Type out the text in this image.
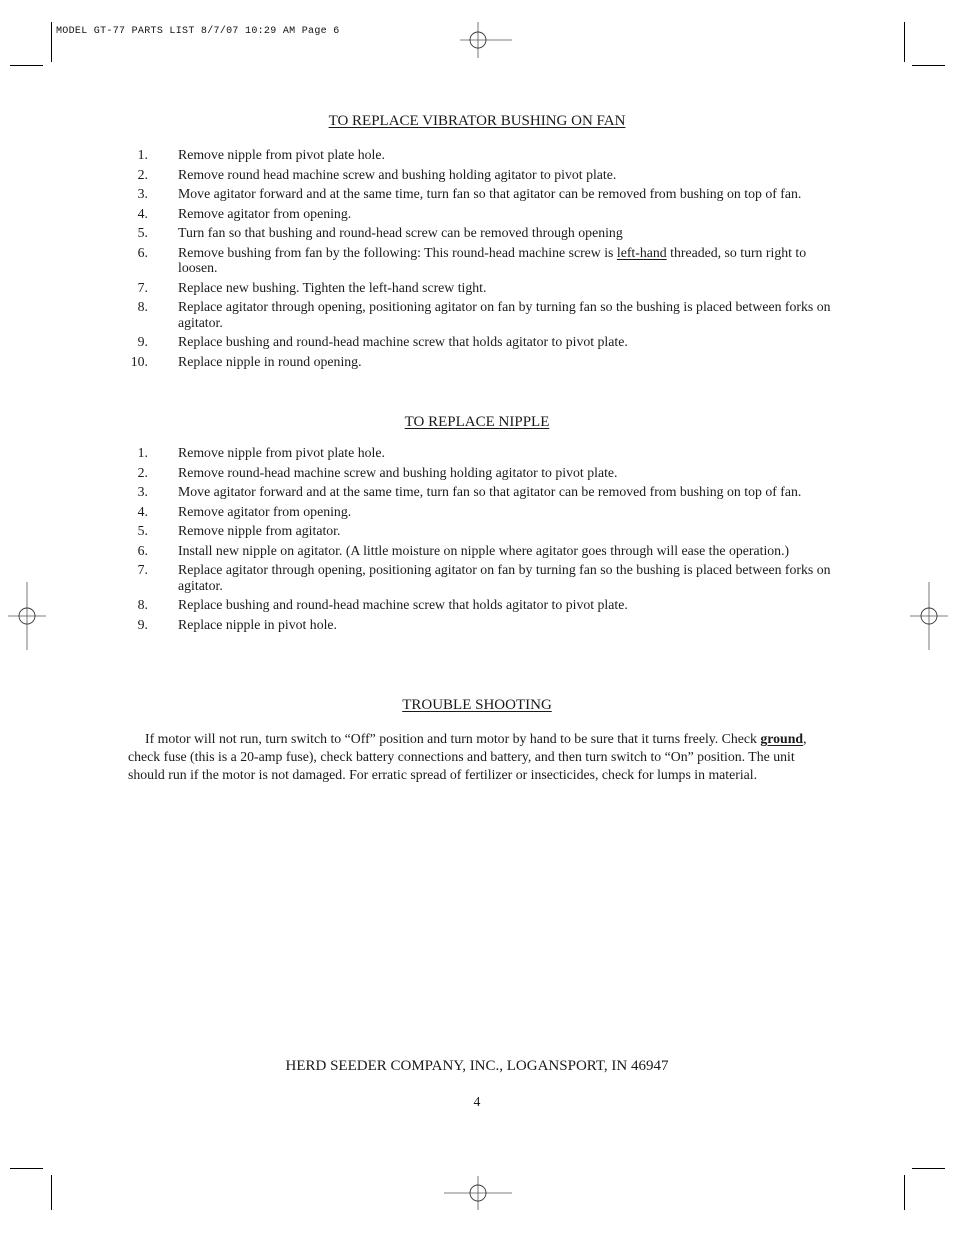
MODEL GT-77 PARTS LIST 8/7/07 10:29 AM Page 6
TO REPLACE VIBRATOR BUSHING ON FAN
1 . Remove nipple from pivot plate hole.
2 . Remove round head machine screw and bushing holding agitator to pivot plate.
3 . Move agitator forward and at the same time, turn fan so that agitator can be removed from bushing on top of fan.
4 . Remove agitator from opening.
5 . Turn fan so that bushing and round-head screw can be removed through opening
6 . Remove bushing from fan by the following: This round-head machine screw is left-hand threaded, so turn right to loosen.
7 . Replace new bushing. Tighten the left-hand screw tight.
8 . Replace agitator through opening, positioning agitator on fan by turning fan so the bushing is placed between forks on agitator.
9 . Replace bushing and round-head machine screw that holds agitator to pivot plate.
10 . Replace nipple in round opening.
TO REPLACE NIPPLE
1 . Remove nipple from pivot plate hole.
2 . Remove round-head machine screw and bushing holding agitator to pivot plate.
3 . Move agitator forward and at the same time, turn fan so that agitator can be removed from bushing on top of fan.
4 . Remove agitator from opening.
5 . Remove nipple from agitator.
6 . Install new nipple on agitator. (A little moisture on nipple where agitator goes through will ease the operation.)
7 . Replace agitator through opening, positioning agitator on fan by turning fan so the bushing is placed between forks on agitator.
8 . Replace bushing and round-head machine screw that holds agitator to pivot plate.
9 . Replace nipple in pivot hole.
TROUBLE SHOOTING

If motor will not run, turn switch to “Off” position and turn motor by hand to be sure that it turns freely. Check ground, check fuse (this is a 20-amp fuse), check battery connections and battery, and then turn switch to “On” position. The unit should run if the motor is not damaged. For erratic spread of fertilizer or insecticides, check for lumps in material.

HERD SEEDER COMPANY, INC., LOGANSPORT, IN 46947
4
